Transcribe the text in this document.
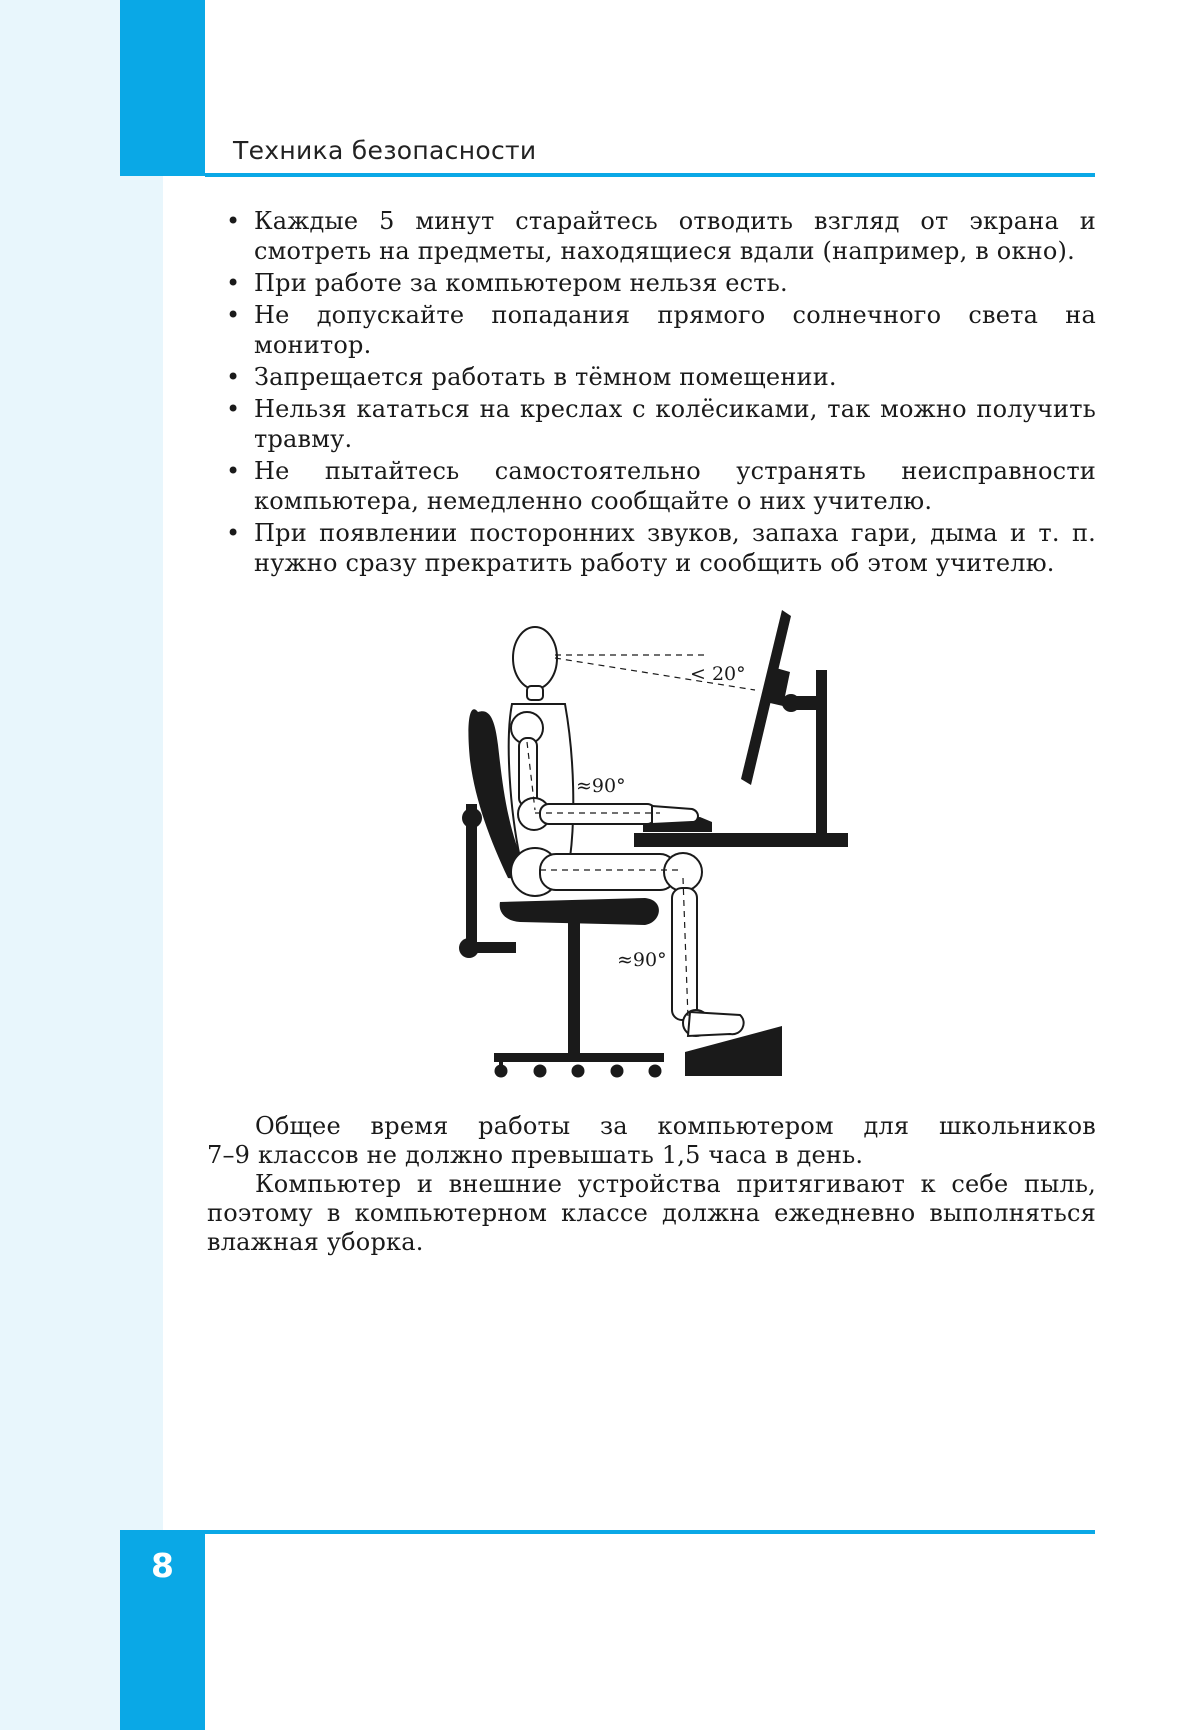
Техника безопасности
• Каждые 5 минут старайтесь отводить взгляд от экрана и смотреть на предметы, находящиеся вдали (например, в окно).
• При работе за компьютером нельзя есть.
• Не допускайте попадания прямого солнечного света на монитор.
• Запрещается работать в тёмном помещении.
• Нельзя кататься на креслах с колёсиками, так можно получить травму.
• Не пытайтесь самостоятельно устранять неисправности компьютера, немедленно сообщайте о них учителю.
• При появлении посторонних звуков, запаха гари, дыма и т. п. нужно сразу прекратить работу и сообщить об этом учителю.
< 20°
≈90°
≈90°

Общее время работы за компьютером для школьников
7–9 классов не должно превышать 1,5 часа в день.

Компьютер и внешние устройства притягивают к себе пыль, поэтому в компьютерном классе должна ежедневно выполняться влажная уборка.

8
